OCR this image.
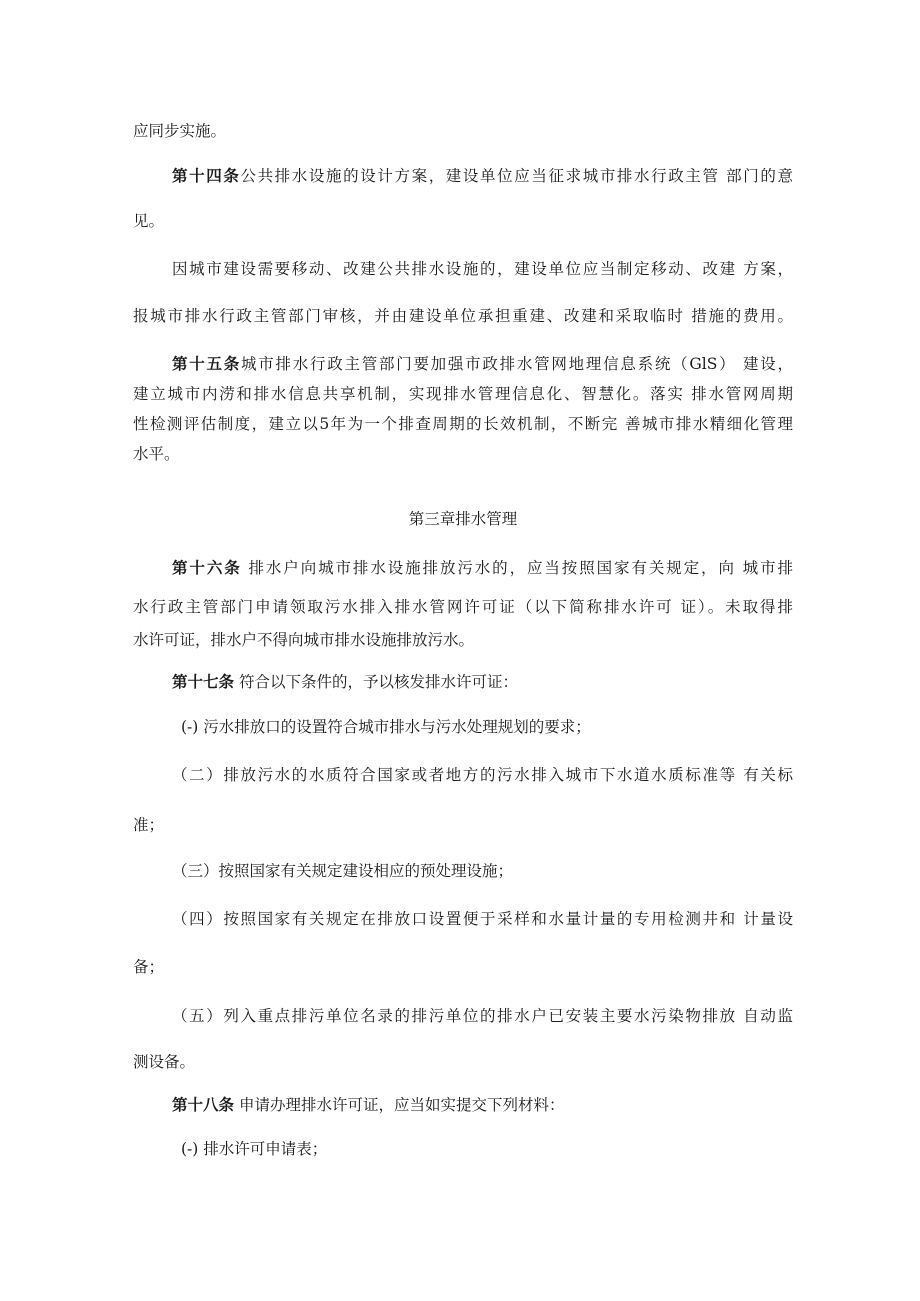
应同步实施。
第十四条公共排水设施的设计方案，建设单位应当征求城市排水行政主管 部门的意
见。
因城市建设需要移动、改建公共排水设施的，建设单位应当制定移动、改建 方案，
报城市排水行政主管部门审核，并由建设单位承担重建、改建和采取临时 措施的费用。
第十五条城市排水行政主管部门要加强市政排水管网地理信息系统（GlS） 建设，
建立城市内涝和排水信息共享机制，实现排水管理信息化、智慧化。落实 排水管网周期
性检测评估制度，建立以5年为一个排查周期的长效机制，不断完 善城市排水精细化管理
水平。
第三章排水管理
第十六条 排水户向城市排水设施排放污水的，应当按照国家有关规定，向 城市排
水行政主管部门申请领取污水排入排水管网许可证（以下简称排水许可 证）。未取得排
水许可证，排水户不得向城市排水设施排放污水。
第十七条 符合以下条件的，予以核发排水许可证：
(-) 污水排放口的设置符合城市排水与污水处理规划的要求；
（二）排放污水的水质符合国家或者地方的污水排入城市下水道水质标准等 有关标
准；
（三）按照国家有关规定建设相应的预处理设施；
（四）按照国家有关规定在排放口设置便于采样和水量计量的专用检测井和 计量设
备；
（五）列入重点排污单位名录的排污单位的排水户已安装主要水污染物排放 自动监
测设备。
第十八条 申请办理排水许可证，应当如实提交下列材料：
(-) 排水许可申请表；
